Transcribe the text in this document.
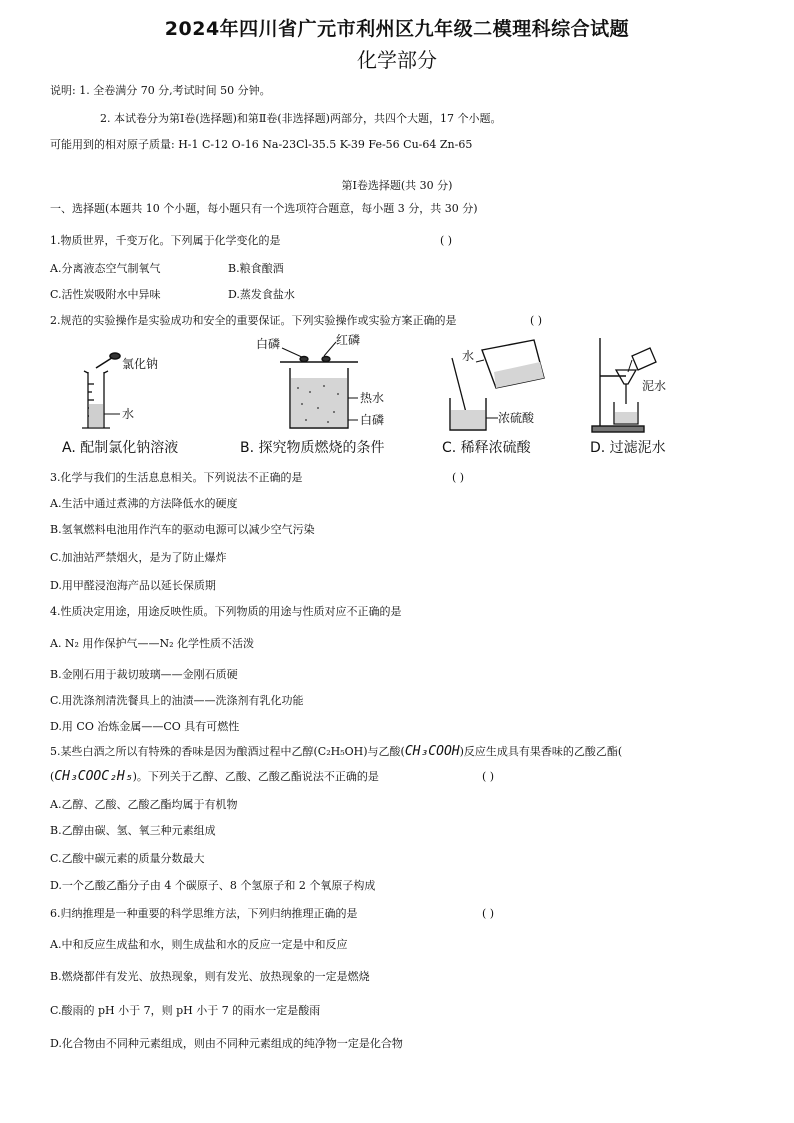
2024年四川省广元市利州区九年级二模理科综合试题
化学部分
说明: 1. 全卷满分 70 分,考试时间 50 分钟。
2. 本试卷分为第Ⅰ卷(选择题)和第Ⅱ卷(非选择题)两部分，共四个大题，17 个小题。
可能用到的相对原子质量: H-1 C-12 O-16 Na-23Cl-35.5 K-39 Fe-56 Cu-64 Zn-65
第Ⅰ卷选择题(共 30 分)
一、选择题(本题共 10 个小题，每小题只有一个选项符合题意，每小题 3 分，共 30 分)
1.物质世界，千变万化。下列属于化学变化的是	( )
A.分离液态空气制氧气	B.粮食酿酒
C.活性炭吸附水中异味	D.蒸发食盐水
2.规范的实验操作是实验成功和安全的重要保证。下列实验操作或实验方案正确的是	( )
氯化钠
水
A. 配制氯化钠溶液
白磷	红磷
热水
白磷
B. 探究物质燃烧的条件
水
浓硫酸
C. 稀释浓硫酸
泥水
D. 过滤泥水
3.化学与我们的生活息息相关。下列说法不正确的是	( )
A.生活中通过煮沸的方法降低水的硬度
B.氢氧燃料电池用作汽车的驱动电源可以减少空气污染
C.加油站严禁烟火，是为了防止爆炸
D.用甲醛浸泡海产品以延长保质期
4.性质决定用途，用途反映性质。下列物质的用途与性质对应不正确的是
A. N₂ 用作保护气——N₂ 化学性质不活泼
B.金刚石用于裁切玻璃——金刚石质硬
C.用洗涤剂清洗餐具上的油渍——洗涤剂有乳化功能
D.用 CO 冶炼金属——CO 具有可燃性
5.某些白酒之所以有特殊的香味是因为酿酒过程中乙醇(C₂H₅OH)与乙酸(CH₃COOH)反应生成具有果香味的乙酸乙酯(
(CH₃COOC₂H₅)。下列关于乙醇、乙酸、乙酸乙酯说法不正确的是	( )
A.乙醇、乙酸、乙酸乙酯均属于有机物
B.乙醇由碳、氢、氧三种元素组成
C.乙酸中碳元素的质量分数最大
D.一个乙酸乙酯分子由 4 个碳原子、8 个氢原子和 2 个氧原子构成
6.归纳推理是一种重要的科学思维方法，下列归纳推理正确的是	( )
A.中和反应生成盐和水，则生成盐和水的反应一定是中和反应
B.燃烧都伴有发光、放热现象，则有发光、放热现象的一定是燃烧
C.酸雨的 pH 小于 7，则 pH 小于 7 的雨水一定是酸雨
D.化合物由不同种元素组成，则由不同种元素组成的纯净物一定是化合物
